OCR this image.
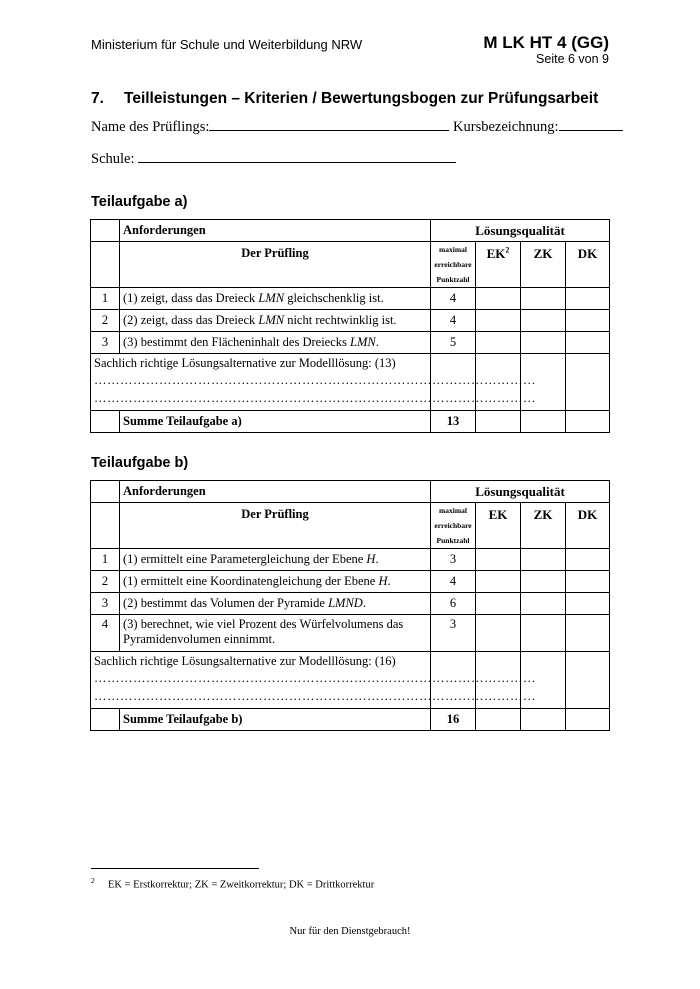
Ministerium für Schule und Weiterbildung NRW	M LK HT 4 (GG)
Seite 6 von 9
7. Teilleistungen – Kriterien / Bewertungsbogen zur Prüfungsarbeit
Name des Prüflings:	Kursbezeichnung:
Schule:
Teilaufgabe a)
	Anforderungen	Lösungsqualität			
	Der Prüfling	maximal erreichbare Punktzahl	EK$^2$	ZK	DK
1	(1) zeigt, dass das Dreieck LMN gleichschenklig ist.	4			
2	(2) zeigt, dass das Dreieck LMN nicht rechtwinklig ist.	4			
3	(3) bestimmt den Flächeninhalt des Dreiecks LMN.	5			
Sachlich richtige Lösungsalternative zur Modelllösung: (13)
…………………………………………………………………………………………
…………………………………………………………………………………………					

	Summe Teilaufgabe a)	13			
Teilaufgabe b)
	Anforderungen	Lösungsqualität			
	Der Prüfling	maximal erreichbare Punktzahl	EK	ZK	DK
1	(1) ermittelt eine Parametergleichung der Ebene H.	3			
2	(1) ermittelt eine Koordinatengleichung der Ebene H.	4			
3	(2) bestimmt das Volumen der Pyramide LMND.	6			
4	(3) berechnet, wie viel Prozent des Würfelvolumens das Pyramidenvolumen einnimmt.	3			
Sachlich richtige Lösungsalternative zur Modelllösung: (16)
…………………………………………………………………………………………
…………………………………………………………………………………………					

	Summe Teilaufgabe b)	16			
2 EK = Erstkorrektur; ZK = Zweitkorrektur; DK = Drittkorrektur
Nur für den Dienstgebrauch!
